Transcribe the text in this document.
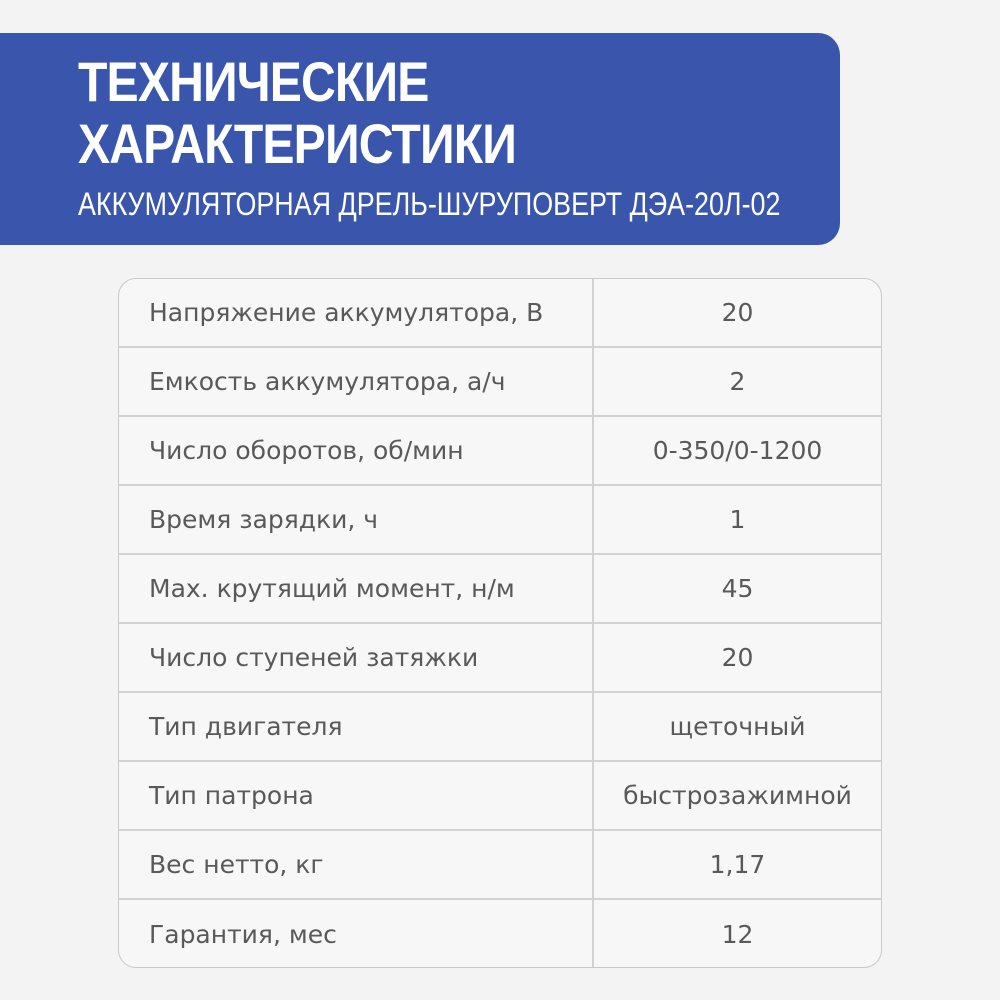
ТЕХНИЧЕСКИЕ
ХАРАКТЕРИСТИКИ

АККУМУЛЯТОРНАЯ ДРЕЛЬ-ШУРУПОВЕРТ ДЭА-20Л-02

Напряжение аккумулятора, В	20
Емкость аккумулятора, а/ч	2
Число оборотов, об/мин	0-350/0-1200
Время зарядки, ч	1
Max. крутящий момент, н/м	45
Число ступеней затяжки	20
Тип двигателя	щеточный
Тип патрона	быстрозажимной
Вес нетто, кг	1,17
Гарантия, мес	12
